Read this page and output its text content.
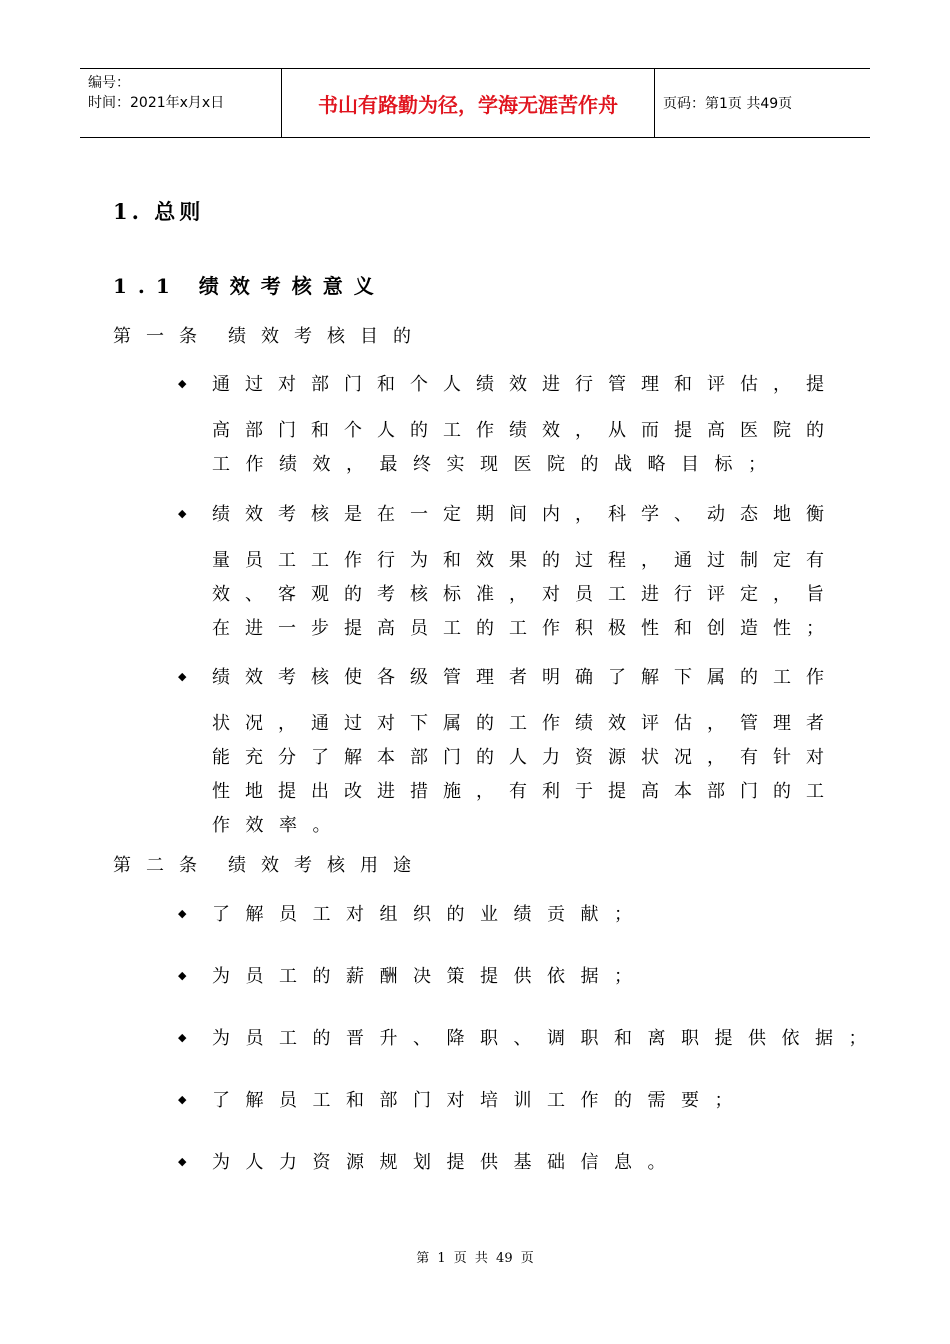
编号：
时间：2021年x月x日	书山有路勤为径，学海无涯苦作舟	页码：第1页 共49页
1. 总则
1.1 绩效考核意义
第一条 绩效考核目的
◆ 通过对部门和个人绩效进行管理和评估，提
高部门和个人的工作绩效，从而提高医院的
工作绩效，最终实现医院的战略目标；
◆ 绩效考核是在一定期间内，科学、动态地衡
量员工工作行为和效果的过程，通过制定有
效、客观的考核标准，对员工进行评定，旨
在进一步提高员工的工作积极性和创造性；
◆ 绩效考核使各级管理者明确了解下属的工作
状况，通过对下属的工作绩效评估，管理者
能充分了解本部门的人力资源状况，有针对
性地提出改进措施，有利于提高本部门的工
作效率。
第二条 绩效考核用途
◆ 了解员工对组织的业绩贡献；
◆ 为员工的薪酬决策提供依据；
◆ 为员工的晋升、降职、调职和离职提供依据；
◆ 了解员工和部门对培训工作的需要；
◆ 为人力资源规划提供基础信息。
第 1 页 共 49 页
